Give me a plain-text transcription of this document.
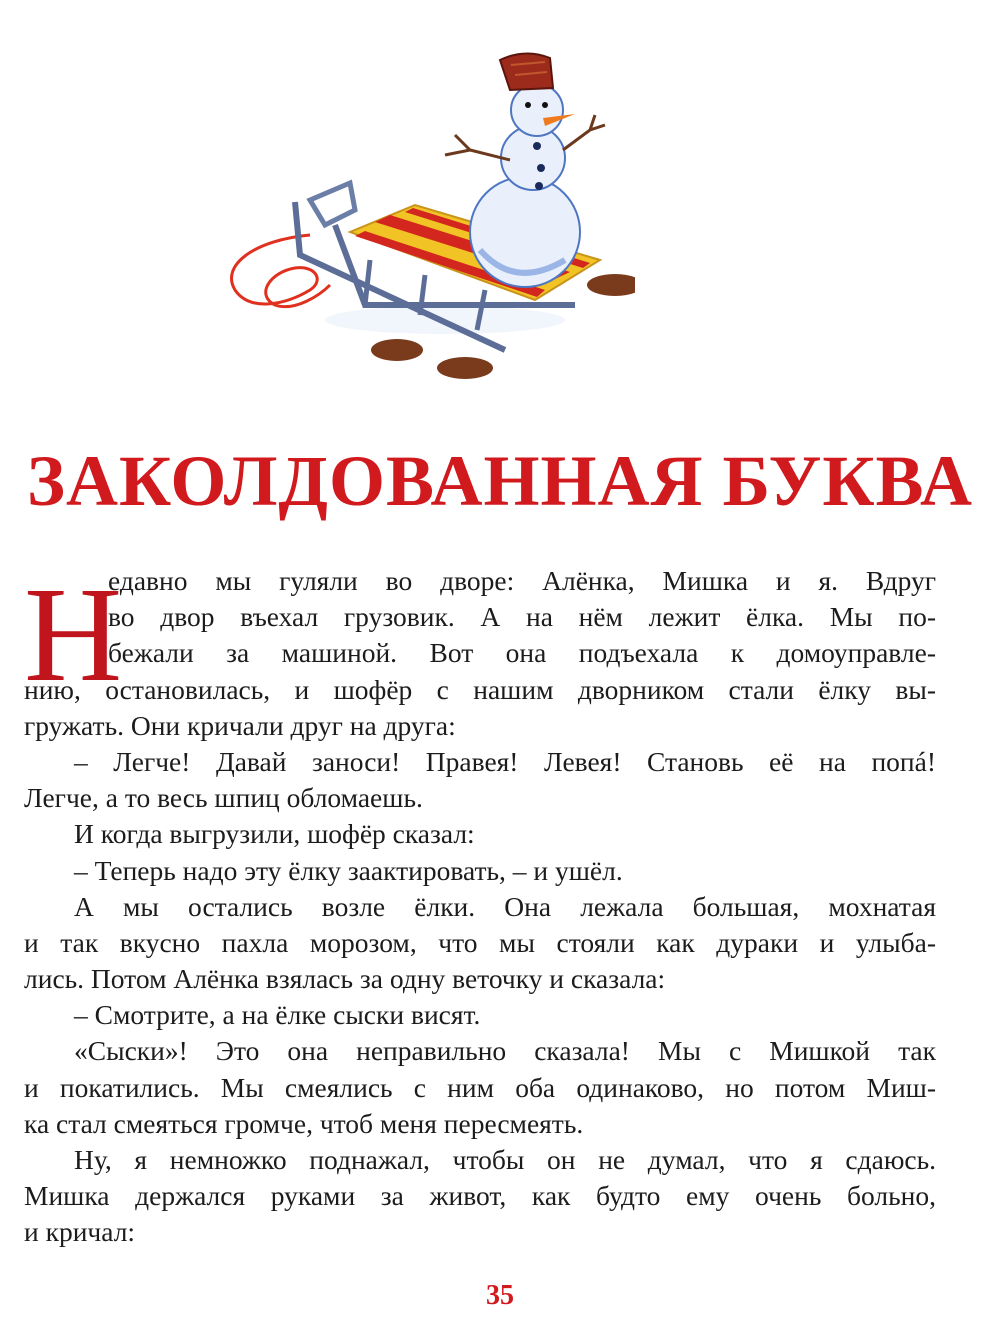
ЗАКОЛДОВАННАЯ БУКВА
Н
едавно мы гуляли во дворе: Алёнка, Мишка и я. Вдруг
во двор въехал грузовик. А на нём лежит ёлка. Мы по-
бежали за машиной. Вот она подъехала к домоуправле-
нию, остановилась, и шофёр с нашим дворником стали ёлку вы-
гружать. Они кричали друг на друга:
– Легче! Давай заноси! Правея! Левея! Становь её на попá!
Легче, а то весь шпиц обломаешь.
И когда выгрузили, шофёр сказал:
– Теперь надо эту ёлку заактировать, – и ушёл.
А мы остались возле ёлки. Она лежала большая, мохнатая
и так вкусно пахла морозом, что мы стояли как дураки и улыба-
лись. Потом Алёнка взялась за одну веточку и сказала:
– Смотрите, а на ёлке сыски висят.
«Сыски»! Это она неправильно сказала! Мы с Мишкой так
и покатились. Мы смеялись с ним оба одинаково, но потом Миш-
ка стал смеяться громче, чтоб меня пересмеять.
Ну, я немножко поднажал, чтобы он не думал, что я сдаюсь.
Мишка держался руками за живот, как будто ему очень больно,
и кричал:
35
